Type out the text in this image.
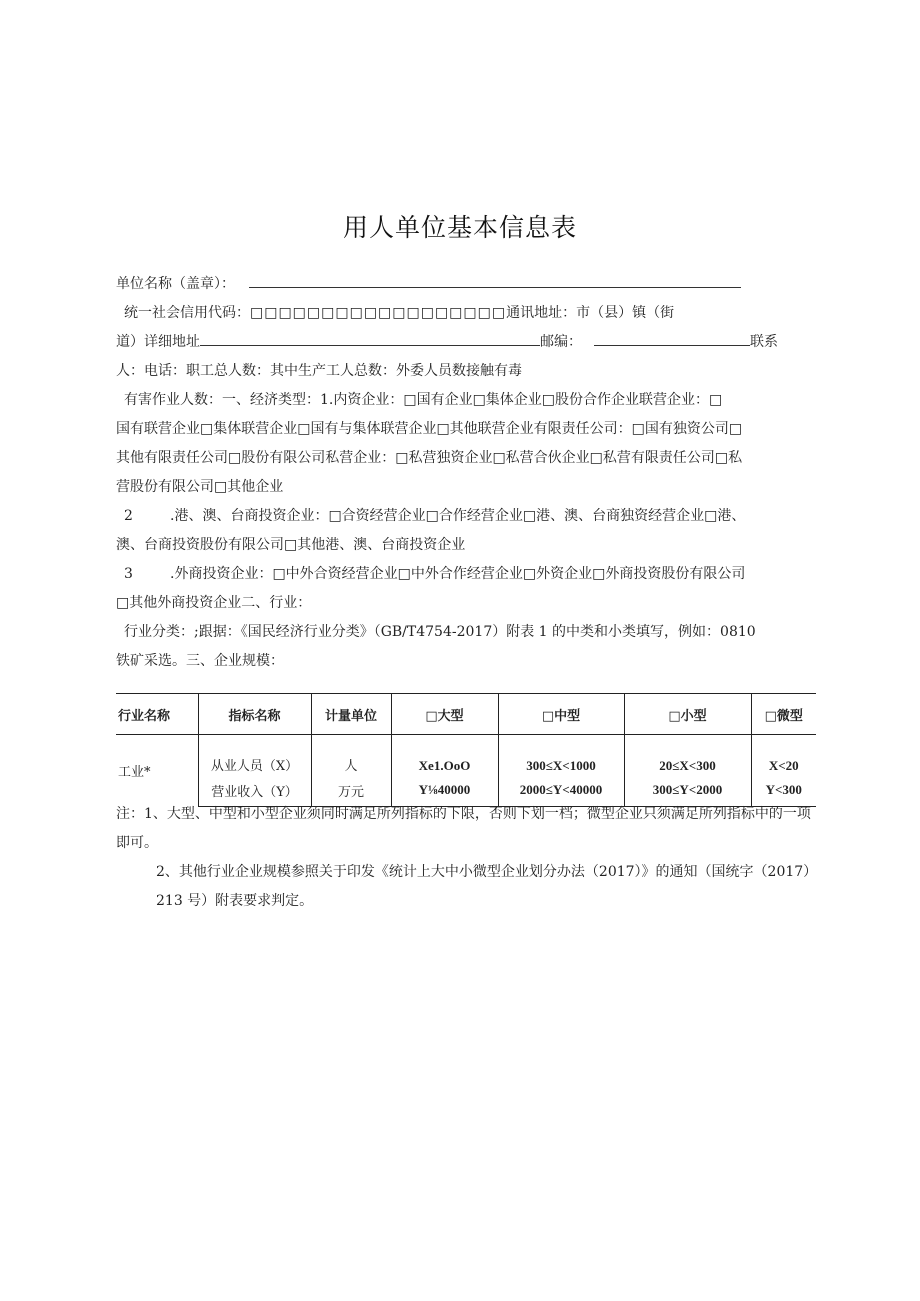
用人单位基本信息表
单位名称（盖章）：
统一社会信用代码：□□□□□□□□□□□□□□□□□□通讯地址：市（县）镇（街
道）详细地址	邮编：	联系
人：电话：职工总人数：其中生产工人总数：外委人员数接触有毒
有害作业人数：一、经济类型：1.内资企业：□国有企业□集体企业□股份合作企业联营企业：□
国有联营企业□集体联营企业□国有与集体联营企业□其他联营企业有限责任公司：□国有独资公司□
其他有限责任公司□股份有限公司私营企业：□私营独资企业□私营合伙企业□私营有限责任公司□私
营股份有限公司□其他企业
2	.港、澳、台商投资企业：□合资经营企业□合作经营企业□港、澳、台商独资经营企业□港、
澳、台商投资股份有限公司□其他港、澳、台商投资企业
3	.外商投资企业：□中外合资经营企业□中外合作经营企业□外资企业□外商投资股份有限公司
□其他外商投资企业二、行业：
行业分类：;跟据：《国民经济行业分类》（GB/T4754-2017）附表 1 的中类和小类填写，例如：0810
铁矿采选。三、企业规模：
行业名称	指标名称	计量单位	□大型	□中型	□小型	□微型
工业*	从业人员（X）	人	Xe1.OoO	300≤X<1000	20≤X<300	X<20
	营业收入（Y）	万元	Y⅛40000	2000≤Y<40000	300≤Y<2000	Y<300
注：1、大型、中型和小型企业须同时满足所列指标的下限，否则下划一档；微型企业只须满足所列指标中的一项即可。
2、其他行业企业规模参照关于印发《统计上大中小微型企业划分办法（2017）》的通知（国统字（2017）213 号）附表要求判定。
